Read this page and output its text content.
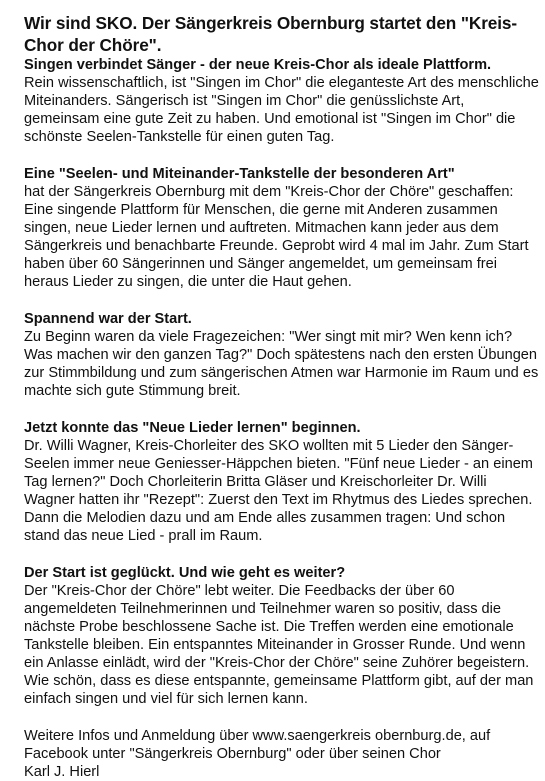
Wir sind SKO. Der Sängerkreis Obernburg startet den "Kreis-Chor der Chöre".

Singen verbindet Sänger - der neue Kreis-Chor als ideale Plattform.

Rein wissenschaftlich, ist "Singen im Chor" die eleganteste Art des menschliche Miteinanders. Sängerisch ist "Singen im Chor" die genüsslichste Art, gemeinsam eine gute Zeit zu haben. Und emotional ist "Singen im Chor" die schönste Seelen-Tankstelle für einen guten Tag.

Eine "Seelen- und Miteinander-Tankstelle der besonderen Art"

hat der Sängerkreis Obernburg mit dem "Kreis-Chor der Chöre" geschaffen: Eine singende Plattform für Menschen, die gerne mit Anderen zusammen singen, neue Lieder lernen und auftreten. Mitmachen kann jeder aus dem Sängerkreis und benachbarte Freunde. Geprobt wird 4 mal im Jahr. Zum Start haben über 60 Sängerinnen und Sänger angemeldet, um gemeinsam frei heraus Lieder zu singen, die unter die Haut gehen.

Spannend war der Start.

Zu Beginn waren da viele Fragezeichen: "Wer singt mit mir? Wen kenn ich? Was machen wir den ganzen Tag?" Doch spätestens nach den ersten Übungen zur Stimmbildung und zum sängerischen Atmen war Harmonie im Raum und es machte sich gute Stimmung breit.

Jetzt konnte das "Neue Lieder lernen" beginnen.

Dr. Willi Wagner, Kreis-Chorleiter des SKO wollten mit 5 Lieder den Sänger-Seelen immer neue Geniesser-Häppchen bieten. "Fünf neue Lieder - an einem Tag lernen?" Doch Chorleiterin Britta Gläser und Kreischorleiter Dr. Willi Wagner hatten ihr "Rezept": Zuerst den Text im Rhytmus des Liedes sprechen. Dann die Melodien dazu und am Ende alles zusammen tragen: Und schon stand das neue Lied - prall im Raum.

Der Start ist geglückt. Und wie geht es weiter?

Der "Kreis-Chor der Chöre" lebt weiter. Die Feedbacks der über 60 angemeldeten Teilnehmerinnen und Teilnehmer waren so positiv, dass die nächste Probe beschlossene Sache ist. Die Treffen werden eine emotionale Tankstelle bleiben. Ein entspanntes Miteinander in Grosser Runde. Und wenn ein Anlasse einlädt, wird der "Kreis-Chor der Chöre" seine Zuhörer begeistern. Wie schön, dass es diese entspannte, gemeinsame Plattform gibt, auf der man einfach singen und viel für sich lernen kann.

Weitere Infos und Anmeldung über www.saengerkreis obernburg.de, auf Facebook unter "Sängerkreis Obernburg" oder über seinen Chor

Karl J. Hierl
